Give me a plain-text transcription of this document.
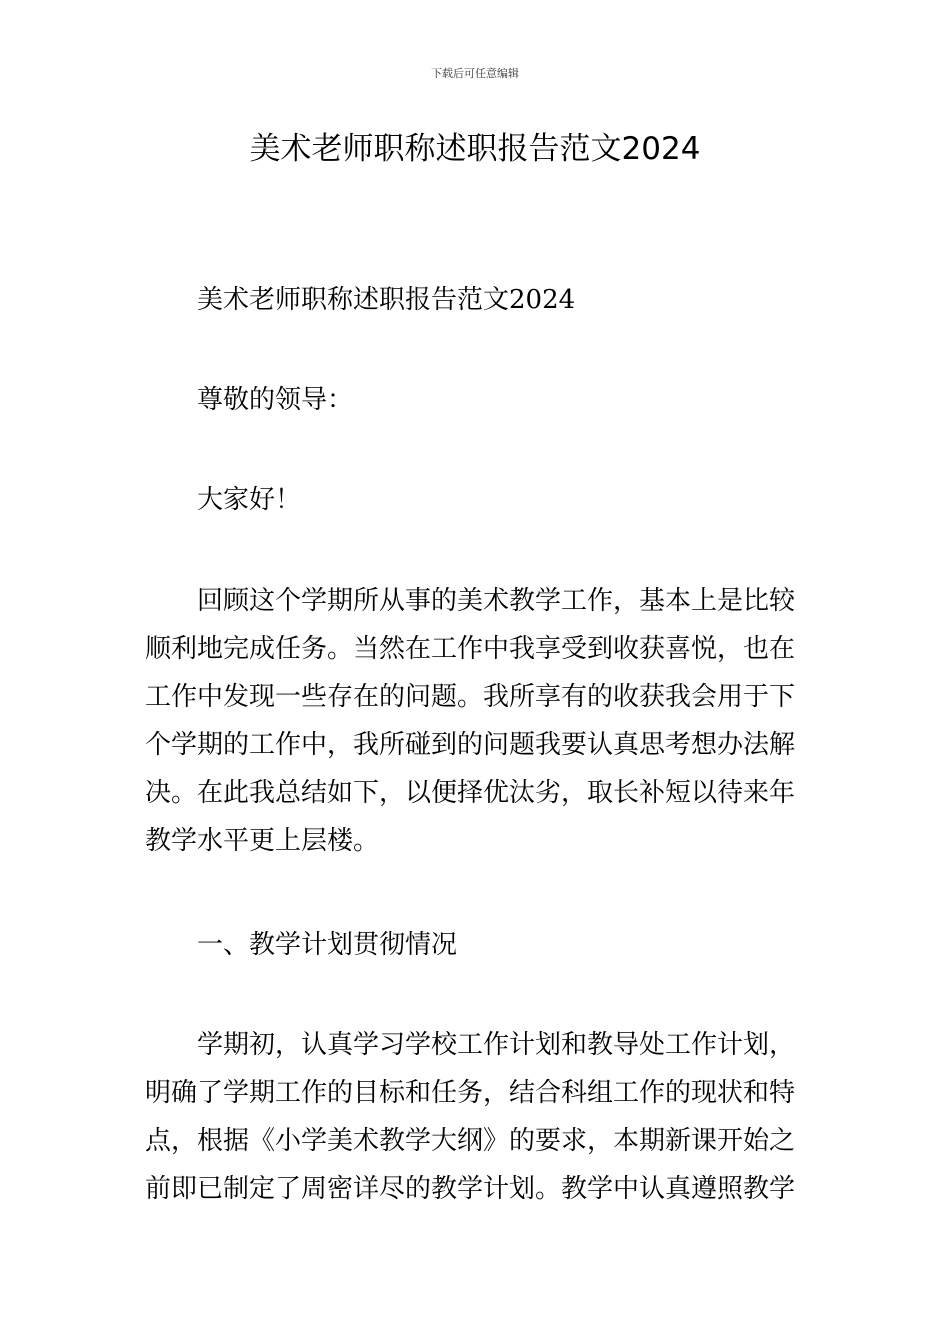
下载后可任意编辑
美术老师职称述职报告范文2024

美术老师职称述职报告范文2024

尊敬的领导：

大家好！

回顾这个学期所从事的美术教学工作，基本上是比较顺利地完成任务。当然在工作中我享受到收获喜悦，也在工作中发现一些存在的问题。我所享有的收获我会用于下个学期的工作中，我所碰到的问题我要认真思考想办法解决。在此我总结如下，以便择优汰劣，取长补短以待来年教学水平更上层楼。

一、教学计划贯彻情况

学期初，认真学习学校工作计划和教导处工作计划，明确了学期工作的目标和任务，结合科组工作的现状和特点，根据《小学美术教学大纲》的要求，本期新课开始之前即已制定了周密详尽的教学计划。教学中认真遵照教学
